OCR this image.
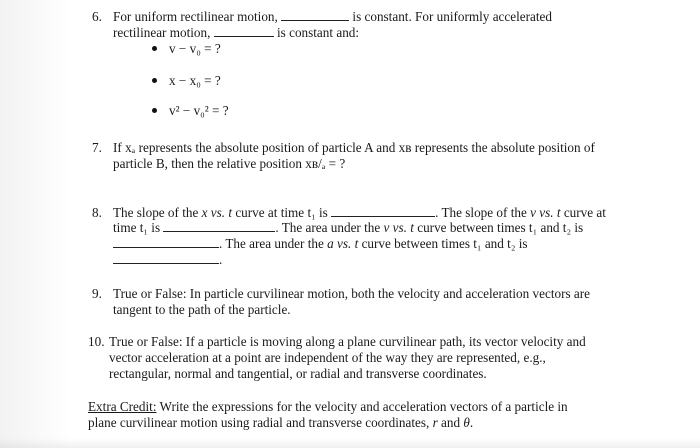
6. For uniform rectilinear motion,	is constant. For uniformly accelerated
rectilinear motion,	is constant and:
v − v₀ = ?
x − x₀ = ?
v² − v₀² = ?
7. If xₐ represents the absolute position of particle A and xʙ represents the absolute position of
particle B, then the relative position xʙ/ₐ = ?
8. The slope of the x vs. t curve at time t₁ is	. The slope of the v vs. t curve at
time t₁ is	. The area under the v vs. t curve between times t₁ and t₂ is
. The area under the a vs. t curve between times t₁ and t₂ is
.
9. True or False: In particle curvilinear motion, both the velocity and acceleration vectors are
tangent to the path of the particle.
10. True or False: If a particle is moving along a plane curvilinear path, its vector velocity and
vector acceleration at a point are independent of the way they are represented, e.g.,
rectangular, normal and tangential, or radial and transverse coordinates.
Extra Credit: Write the expressions for the velocity and acceleration vectors of a particle in
plane curvilinear motion using radial and transverse coordinates, r and θ.
